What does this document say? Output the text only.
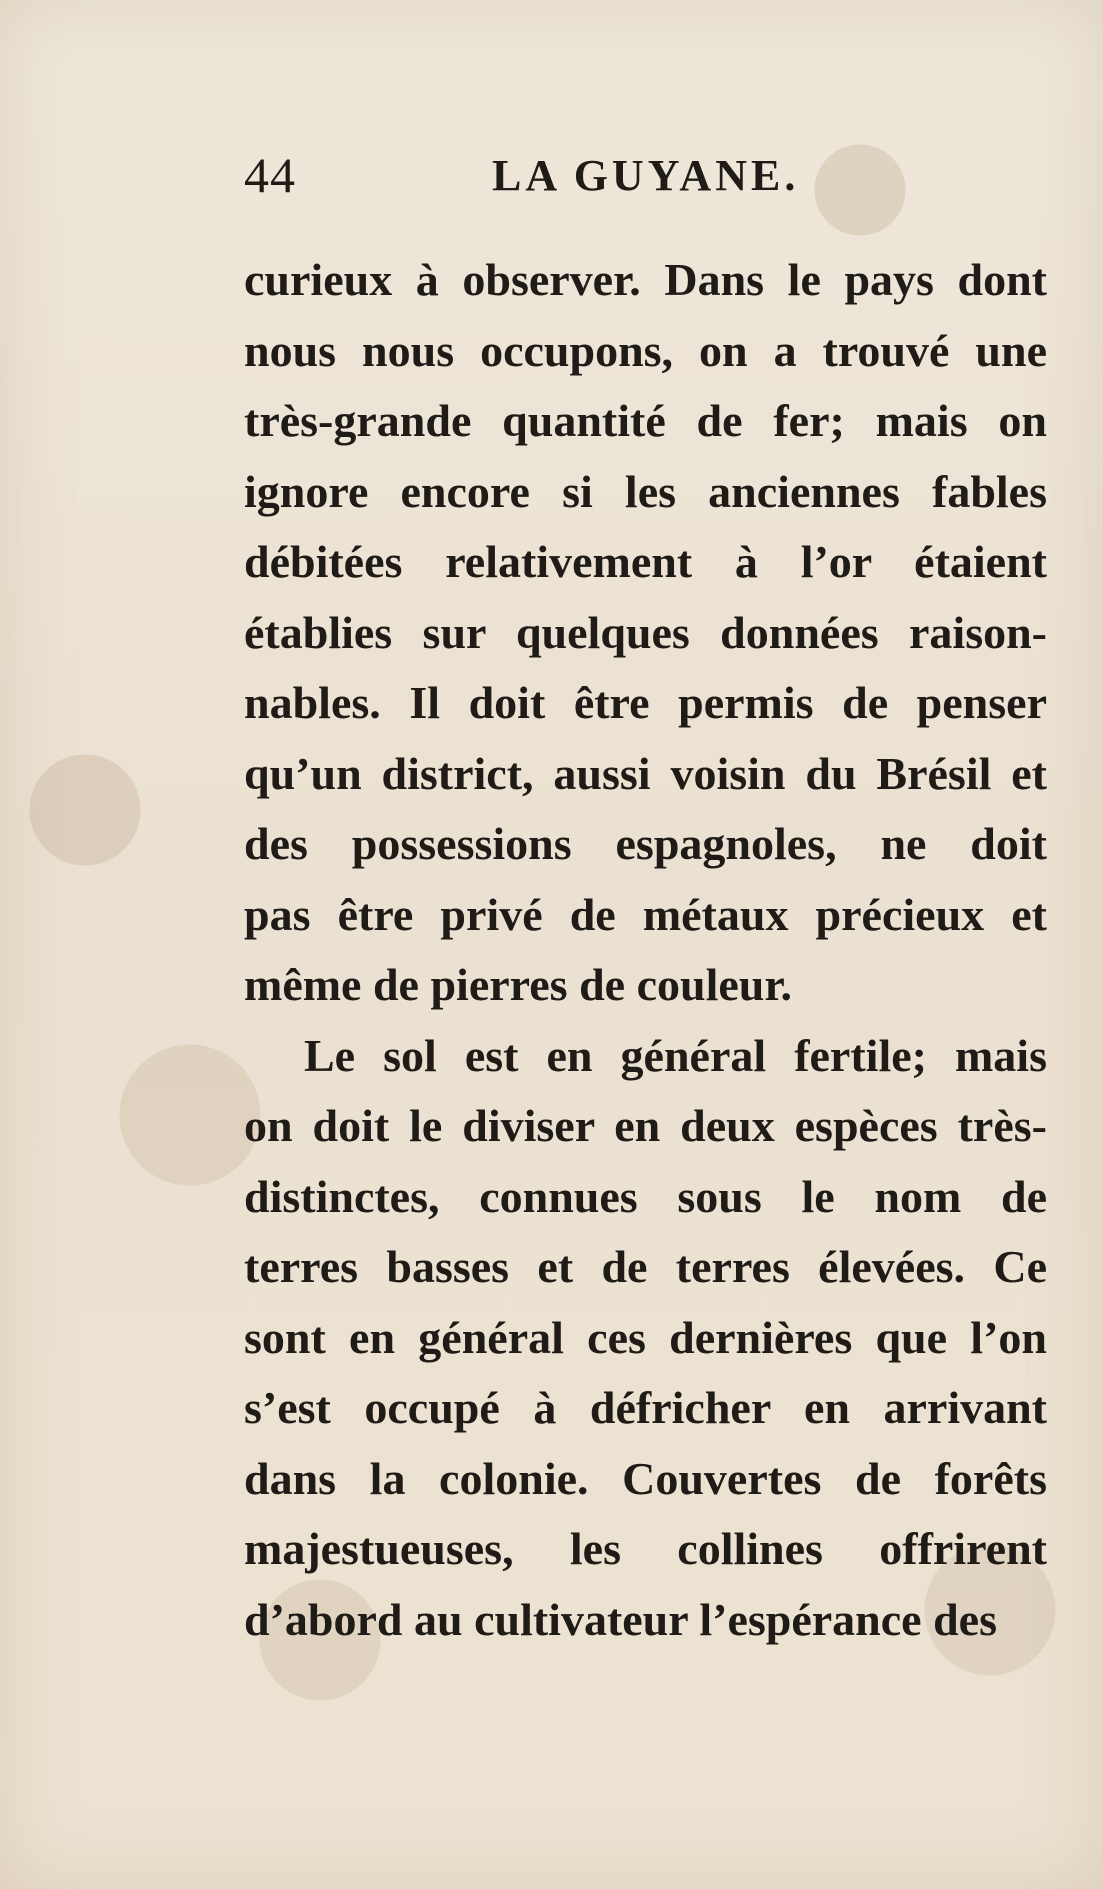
44	LA GUYANE.
curieux à observer. Dans le pays dont
nous nous occupons, on a trouvé une
très-grande quantité de fer; mais on
ignore encore si les anciennes fables
débitées relativement à l’or étaient
établies sur quelques données raison-
nables. Il doit être permis de penser
qu’un district, aussi voisin du Brésil et
des possessions espagnoles, ne doit
pas être privé de métaux précieux et
même de pierres de couleur.
Le sol est en général fertile; mais
on doit le diviser en deux espèces très-
distinctes, connues sous le nom de
terres basses et de terres élevées. Ce
sont en général ces dernières que l’on
s’est occupé à défricher en arrivant
dans la colonie. Couvertes de forêts
majestueuses, les collines offrirent
d’abord au cultivateur l’espérance des
